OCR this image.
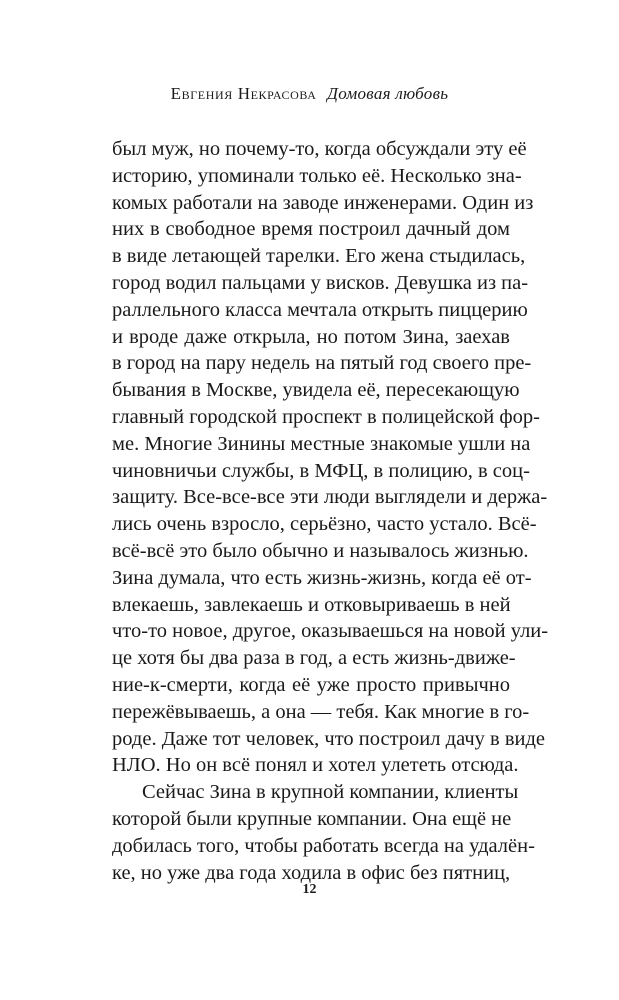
Евгения Некрасова Домовая любовь
был муж, но почему-то, когда обсуждали эту её
историю, упоминали только её. Несколько зна-
комых работали на заводе инженерами. Один из
них в свободное время построил дачный дом
в виде летающей тарелки. Его жена стыдилась,
город водил пальцами у висков. Девушка из па-
раллельного класса мечтала открыть пиццерию
и вроде даже открыла, но потом Зина, заехав
в город на пару недель на пятый год своего пре-
бывания в Москве, увидела её, пересекающую
главный городской проспект в полицейской фор-
ме. Многие Зинины местные знакомые ушли на
чиновничьи службы, в МФЦ, в полицию, в соц-
защиту. Все-все-все эти люди выглядели и держа-
лись очень взросло, серьёзно, часто устало. Всё-
всё-всё это было обычно и называлось жизнью.
Зина думала, что есть жизнь-жизнь, когда её от-
влекаешь, завлекаешь и отковыриваешь в ней
что-то новое, другое, оказываешься на новой ули-
це хотя бы два раза в год, а есть жизнь-движе-
ние-к-смерти, когда её уже просто привычно
пережёвываешь, а она — тебя. Как многие в го-
роде. Даже тот человек, что построил дачу в виде
НЛО. Но он всё понял и хотел улететь отсюда.
Сейчас Зина в крупной компании, клиенты
которой были крупные компании. Она ещё не
добилась того, чтобы работать всегда на удалён-
ке, но уже два года ходила в офис без пятниц,
12
